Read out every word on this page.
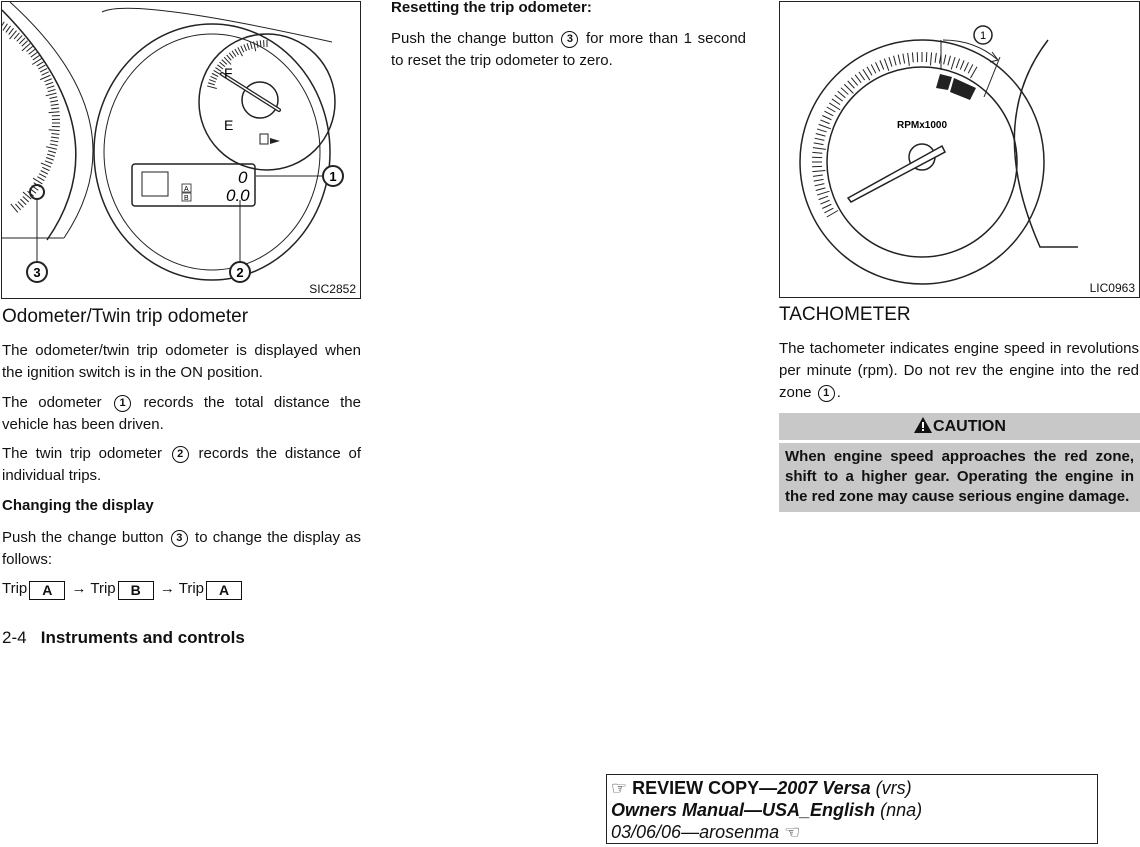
F
E
A
B
0
0.0
1
2
3
SIC2852
Odometer/Twin trip odometer
The odometer/twin trip odometer is displayed when the ignition switch is in the ON position.
The odometer 1 records the total distance the vehicle has been driven.
The twin trip odometer 2 records the distance of individual trips.
Changing the display
Push the change button 3 to change the display as follows:
Trip A → Trip B → Trip A
2-4 Instruments and controls
Resetting the trip odometer:
Push the change button 3 for more than 1 second to reset the trip odometer to zero.
RPMx1000
1
LIC0963
TACHOMETER
The tachometer indicates engine speed in revolutions per minute (rpm). Do not rev the engine into the red zone 1 .
CAUTION
When engine speed approaches the red zone, shift to a higher gear. Operating the engine in the red zone may cause serious engine damage.
☞ REVIEW COPY—2007 Versa (vrs)
Owners Manual—USA_English (nna)
03/06/06—arosenma ☜
